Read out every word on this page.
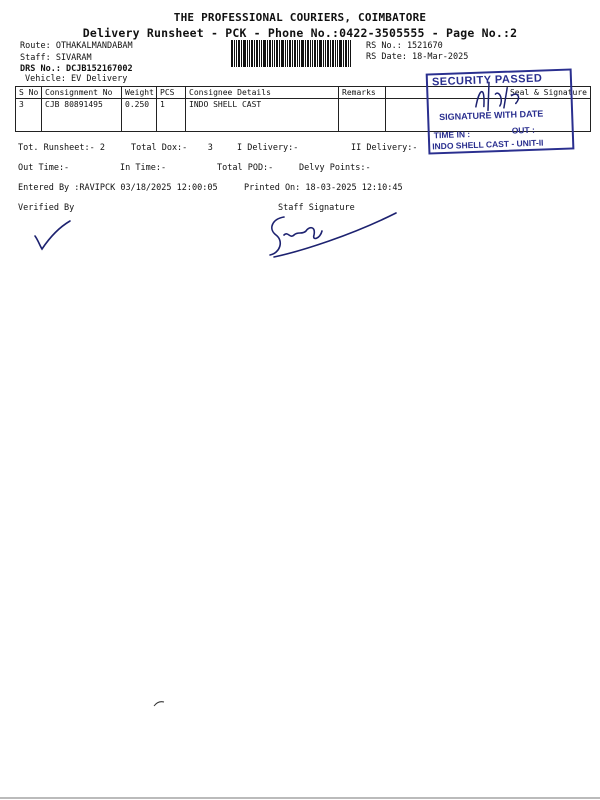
THE PROFESSIONAL COURIERS, COIMBATORE
Delivery Runsheet - PCK - Phone No.:0422-3505555 - Page No.:2
Route: OTHAKALMANDABAM
Staff: SIVARAM
DRS No.: DCJB152167002
Vehicle: EV Delivery
RS No.: 1521670
RS Date: 18-Mar-2025
S No	Consignment No	Weight	PCS	Consignee Details	Remarks	Seal & Signature
3	CJB 80891495	0.250	1	INDO SHELL CAST		
SECURITY PASSED
SIGNATURE WITH DATE
TIME IN :	OUT :
INDO SHELL CAST - UNIT-II
Tot. Runsheet:- 2	Total Dox:-    3	I Delivery:-	II Delivery:-
Out Time:-	In Time:-	Total POD:-	Delvy Points:-
Entered By :RAVIPCK 03/18/2025 12:00:05	Printed On: 18-03-2025 12:10:45
Verified By	Staff Signature
